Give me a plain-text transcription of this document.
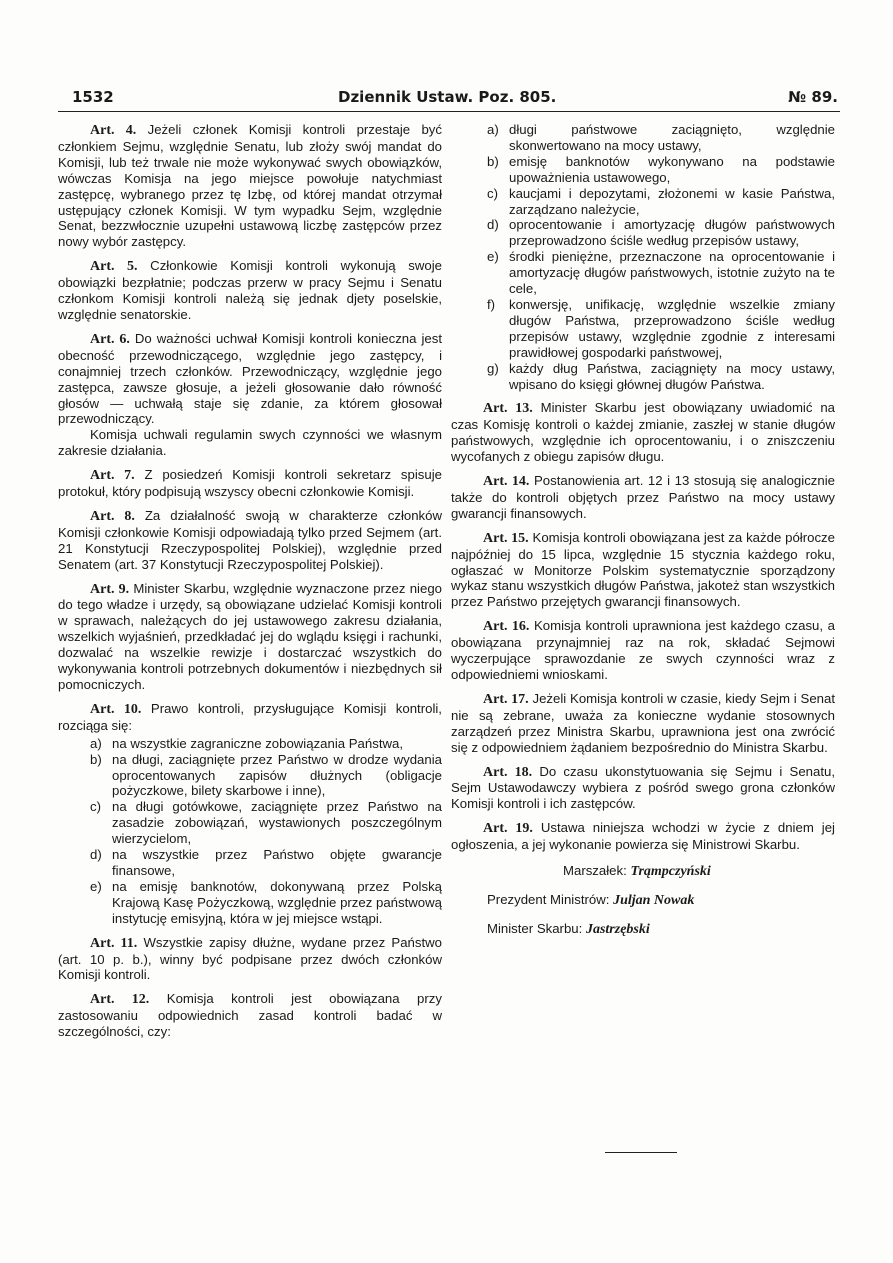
1532	Dziennik Ustaw. Poz. 805.	№ 89.

Art. 4. Jeżeli członek Komisji kontroli przestaje być członkiem Sejmu, względnie Senatu, lub złoży swój mandat do Komisji, lub też trwale nie może wykonywać swych obowiązków, wówczas Komisja na jego miejsce powołuje natychmiast zastępcę, wybranego przez tę Izbę, od której mandat otrzymał ustępujący członek Komisji. W tym wypadku Sejm, względnie Senat, bezzwłocznie uzupełni ustawową liczbę zastępców przez nowy wybór zastępcy.

Art. 5. Członkowie Komisji kontroli wykonują swoje obowiązki bezpłatnie; podczas przerw w pracy Sejmu i Senatu członkom Komisji kontroli należą się jednak djety poselskie, względnie senatorskie.

Art. 6. Do ważności uchwał Komisji kontroli konieczna jest obecność przewodniczącego, względnie jego zastępcy, i conajmniej trzech członków. Przewodniczący, względnie jego zastępca, zawsze głosuje, a jeżeli głosowanie dało równość głosów — uchwałą staje się zdanie, za którem głosował przewodniczący.

Komisja uchwali regulamin swych czynności we własnym zakresie działania.

Art. 7. Z posiedzeń Komisji kontroli sekretarz spisuje protokuł, który podpisują wszyscy obecni członkowie Komisji.

Art. 8. Za działalność swoją w charakterze członków Komisji członkowie Komisji odpowiadają tylko przed Sejmem (art. 21 Konstytucji Rzeczypospolitej Polskiej), względnie przed Senatem (art. 37 Konstytucji Rzeczypospolitej Polskiej).

Art. 9. Minister Skarbu, względnie wyznaczone przez niego do tego władze i urzędy, są obowiązane udzielać Komisji kontroli w sprawach, należących do jej ustawowego zakresu działania, wszelkich wyjaśnień, przedkładać jej do wglądu księgi i rachunki, dozwalać na wszelkie rewizje i dostarczać wszystkich do wykonywania kontroli potrzebnych dokumentów i niezbędnych sił pomocniczych.

Art. 10. Prawo kontroli, przysługujące Komisji kontroli, rozciąga się:

a) na wszystkie zagraniczne zobowiązania Państwa,
b) na długi, zaciągnięte przez Państwo w drodze wydania oprocentowanych zapisów dłużnych (obligacje pożyczkowe, bilety skarbowe i inne),
c) na długi gotówkowe, zaciągnięte przez Państwo na zasadzie zobowiązań, wystawionych poszczególnym wierzycielom,
d) na wszystkie przez Państwo objęte gwarancje finansowe,
e) na emisję banknotów, dokonywaną przez Polską Krajową Kasę Pożyczkową, względnie przez państwową instytucję emisyjną, która w jej miejsce wstąpi.

Art. 11. Wszystkie zapisy dłużne, wydane przez Państwo (art. 10 p. b.), winny być podpisane przez dwóch członków Komisji kontroli.

Art. 12. Komisja kontroli jest obowiązana przy zastosowaniu odpowiednich zasad kontroli badać w szczególności, czy:

a) długi państwowe zaciągnięto, względnie skonwertowano na mocy ustawy,
b) emisję banknotów wykonywano na podstawie upoważnienia ustawowego,
c) kaucjami i depozytami, złożonemi w kasie Państwa, zarządzano należycie,
d) oprocentowanie i amortyzację długów państwowych przeprowadzono ściśle według przepisów ustawy,
e) środki pieniężne, przeznaczone na oprocentowanie i amortyzację długów państwowych, istotnie zużyto na te cele,
f) konwersję, unifikację, względnie wszelkie zmiany długów Państwa, przeprowadzono ściśle według przepisów ustawy, względnie zgodnie z interesami prawidłowej gospodarki państwowej,
g) każdy dług Państwa, zaciągnięty na mocy ustawy, wpisano do księgi głównej długów Państwa.

Art. 13. Minister Skarbu jest obowiązany uwiadomić na czas Komisję kontroli o każdej zmianie, zaszłej w stanie długów państwowych, względnie ich oprocentowaniu, i o zniszczeniu wycofanych z obiegu zapisów długu.

Art. 14. Postanowienia art. 12 i 13 stosują się analogicznie także do kontroli objętych przez Państwo na mocy ustawy gwarancji finansowych.

Art. 15. Komisja kontroli obowiązana jest za każde półrocze najpóźniej do 15 lipca, względnie 15 stycznia każdego roku, ogłaszać w Monitorze Polskim systematycznie sporządzony wykaz stanu wszystkich długów Państwa, jakoteż stan wszystkich przez Państwo przejętych gwarancji finansowych.

Art. 16. Komisja kontroli uprawniona jest każdego czasu, a obowiązana przynajmniej raz na rok, składać Sejmowi wyczerpujące sprawozdanie ze swych czynności wraz z odpowiedniemi wnioskami.

Art. 17. Jeżeli Komisja kontroli w czasie, kiedy Sejm i Senat nie są zebrane, uważa za konieczne wydanie stosownych zarządzeń przez Ministra Skarbu, uprawniona jest ona zwrócić się z odpowiedniem żądaniem bezpośrednio do Ministra Skarbu.

Art. 18. Do czasu ukonstytuowania się Sejmu i Senatu, Sejm Ustawodawczy wybiera z pośród swego grona członków Komisji kontroli i ich zastępców.

Art. 19. Ustawa niniejsza wchodzi w życie z dniem jej ogłoszenia, a jej wykonanie powierza się Ministrowi Skarbu.

Marszałek: Trąmpczyński
Prezydent Ministrów: Juljan Nowak
Minister Skarbu: Jastrzębski
